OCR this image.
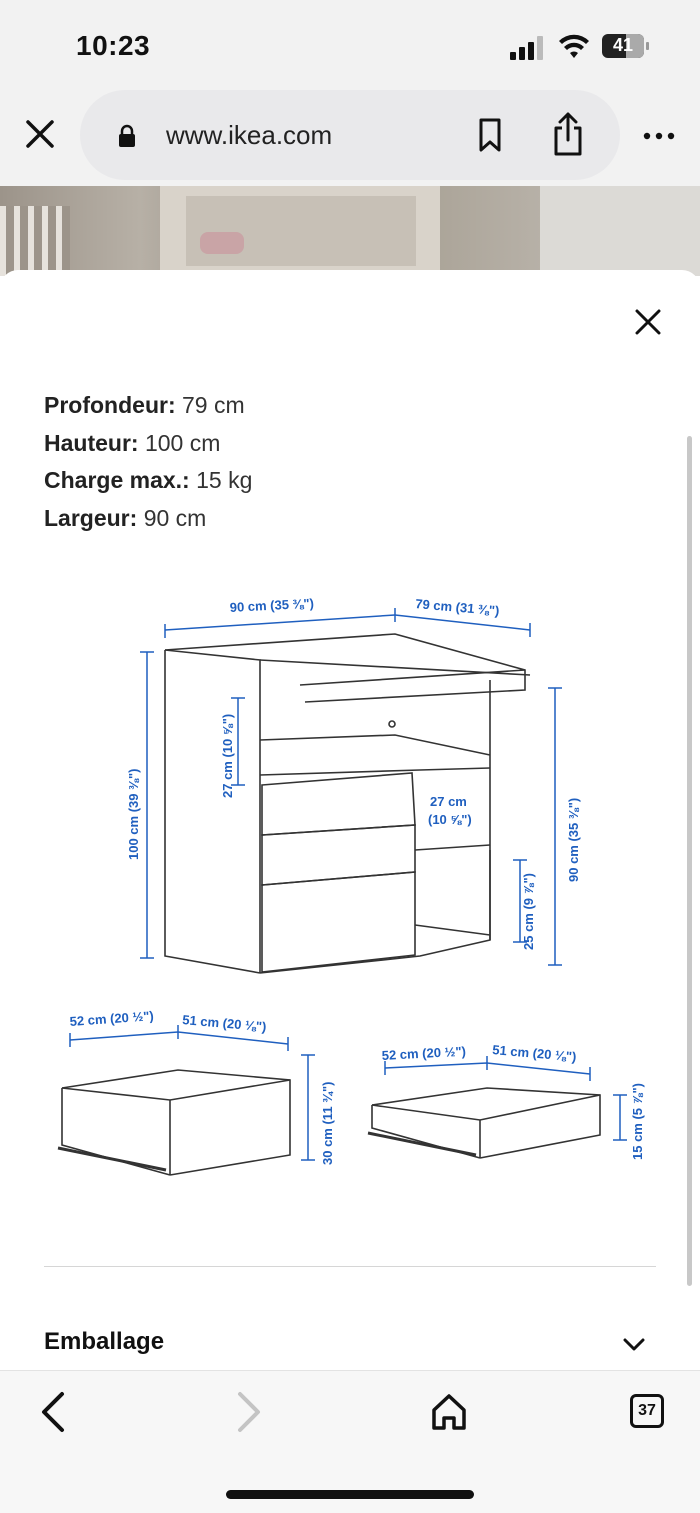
10:23	41
www.ikea.com
Profondeur: 79 cm
Hauteur: 100 cm
Charge max.: 15 kg
Largeur: 90 cm
90 cm (35 ⅜")	79 cm (31 ⅜")
100 cm (39 ⅜")
27 cm (10 ⅝")
90 cm (35 ⅜")
27 cm
(10 ⅝")
25 cm (9 ⅞")
52 cm (20 ½") 51 cm (20 ⅛")
30 cm (11 ¾")
52 cm (20 ½") 51 cm (20 ⅛")
15 cm (5 ⅞")
Emballage
37
